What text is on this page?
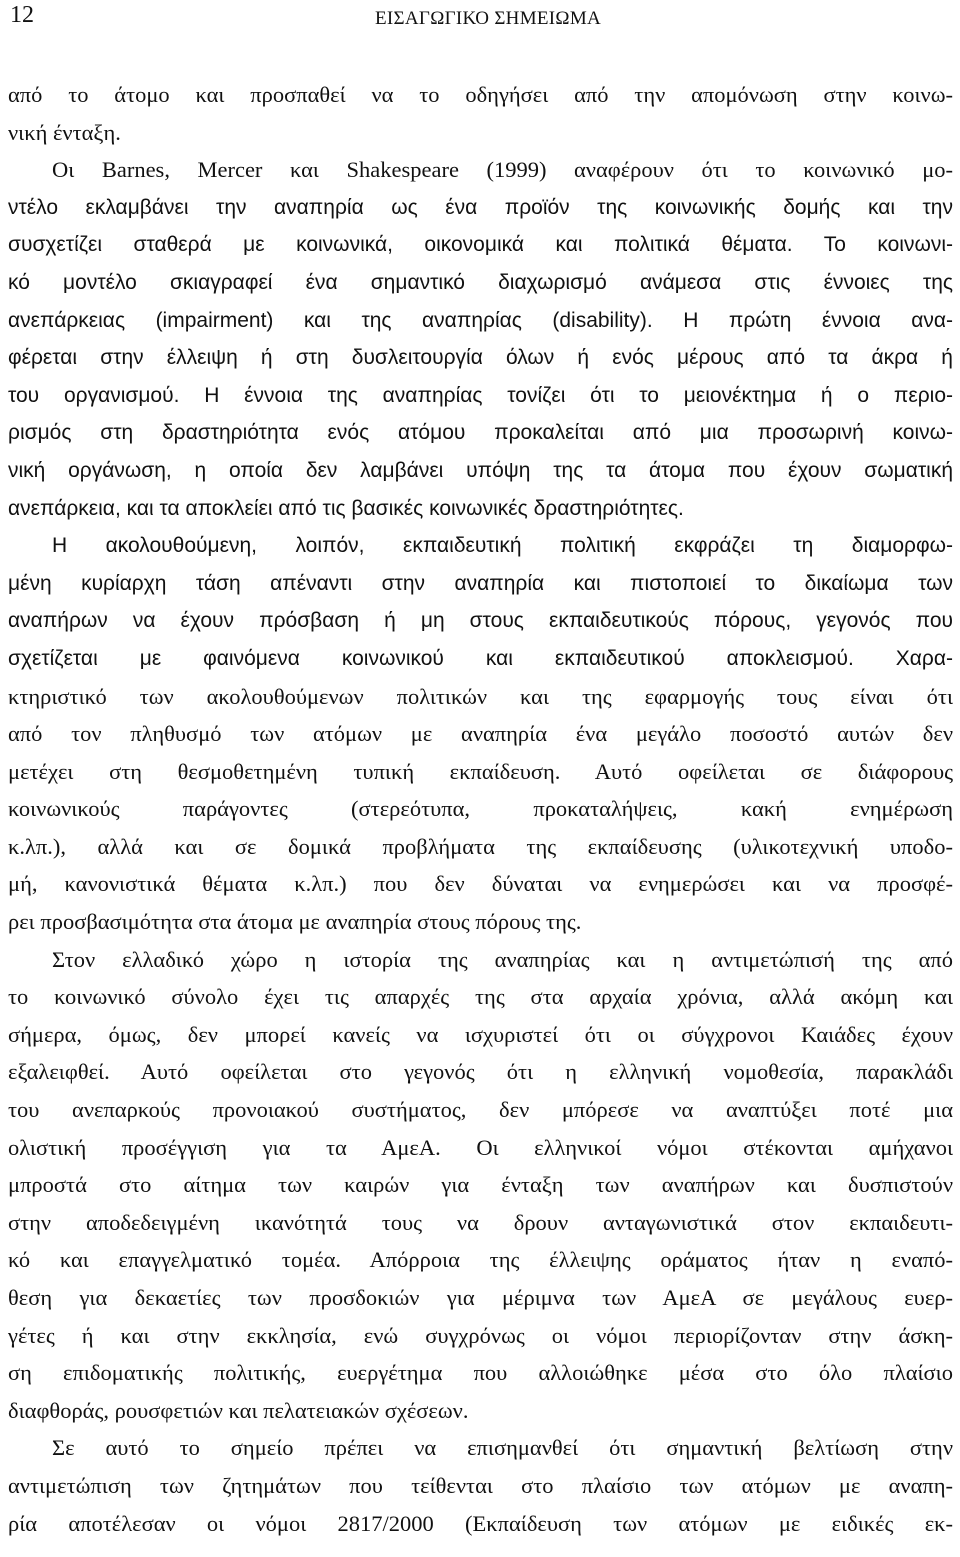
12	ΕΙΣΑΓΩΓΙΚΟ ΣΗΜΕΙΩΜΑ
από το άτομο και προσπαθεί να το οδηγήσει από την απομόνωση στην κοινω-
νική ένταξη.
Οι Barnes, Mercer και Shakespeare (1999) αναφέρουν ότι το κοινωνικό μο-
ντέλο εκλαμβάνει την αναπηρία ως ένα προϊόν της κοινωνικής δομής και την
συσχετίζει σταθερά με κοινωνικά, οικονομικά και πολιτικά θέματα. Το κοινωνι-
κό μοντέλο σκιαγραφεί ένα σημαντικό διαχωρισμό ανάμεσα στις έννοιες της
ανεπάρκειας (impairment) και της αναπηρίας (disability). Η πρώτη έννοια ανα-
φέρεται στην έλλειψη ή στη δυσλειτουργία όλων ή ενός μέρους από τα άκρα ή
του οργανισμού. Η έννοια της αναπηρίας τονίζει ότι το μειονέκτημα ή ο περιο-
ρισμός στη δραστηριότητα ενός ατόμου προκαλείται από μια προσωρινή κοινω-
νική οργάνωση, η οποία δεν λαμβάνει υπόψη της τα άτομα που έχουν σωματική
ανεπάρκεια, και τα αποκλείει από τις βασικές κοινωνικές δραστηριότητες.
Η ακολουθούμενη, λοιπόν, εκπαιδευτική πολιτική εκφράζει τη διαμορφω-
μένη κυρίαρχη τάση απέναντι στην αναπηρία και πιστοποιεί το δικαίωμα των
αναπήρων να έχουν πρόσβαση ή μη στους εκπαιδευτικούς πόρους, γεγονός που
σχετίζεται με φαινόμενα κοινωνικού και εκπαιδευτικού αποκλεισμού. Χαρα-
κτηριστικό των ακολουθούμενων πολιτικών και της εφαρμογής τους είναι ότι
από τον πληθυσμό των ατόμων με αναπηρία ένα μεγάλο ποσοστό αυτών δεν
μετέχει στη θεσμοθετημένη τυπική εκπαίδευση. Αυτό οφείλεται σε διάφορους
κοινωνικούς παράγοντες (στερεότυπα, προκαταλήψεις, κακή ενημέρωση
κ.λπ.), αλλά και σε δομικά προβλήματα της εκπαίδευσης (υλικοτεχνική υποδο-
μή, κανονιστικά θέματα κ.λπ.) που δεν δύναται να ενημερώσει και να προσφέ-
ρει προσβασιμότητα στα άτομα με αναπηρία στους πόρους της.
Στον ελλαδικό χώρο η ιστορία της αναπηρίας και η αντιμετώπισή της από
το κοινωνικό σύνολο έχει τις απαρχές της στα αρχαία χρόνια, αλλά ακόμη και
σήμερα, όμως, δεν μπορεί κανείς να ισχυριστεί ότι οι σύγχρονοι Καιάδες έχουν
εξαλειφθεί. Αυτό οφείλεται στο γεγονός ότι η ελληνική νομοθεσία, παρακλάδι
του ανεπαρκούς προνοιακού συστήματος, δεν μπόρεσε να αναπτύξει ποτέ μια
ολιστική προσέγγιση για τα ΑμεΑ. Οι ελληνικοί νόμοι στέκονται αμήχανοι
μπροστά στο αίτημα των καιρών για ένταξη των αναπήρων και δυσπιστούν
στην αποδεδειγμένη ικανότητά τους να δρουν ανταγωνιστικά στον εκπαιδευτι-
κό και επαγγελματικό τομέα. Απόρροια της έλλειψης οράματος ήταν η εναπό-
θεση για δεκαετίες των προσδοκιών για μέριμνα των ΑμεΑ σε μεγάλους ευερ-
γέτες ή και στην εκκλησία, ενώ συγχρόνως οι νόμοι περιορίζονταν στην άσκη-
ση επιδοματικής πολιτικής, ευεργέτημα που αλλοιώθηκε μέσα στο όλο πλαίσιο
διαφθοράς, ρουσφετιών και πελατειακών σχέσεων.
Σε αυτό το σημείο πρέπει να επισημανθεί ότι σημαντική βελτίωση στην
αντιμετώπιση των ζητημάτων που τείθενται στο πλαίσιο των ατόμων με αναπη-
ρία αποτέλεσαν οι νόμοι 2817/2000 (Εκπαίδευση των ατόμων με ειδικές εκ-
